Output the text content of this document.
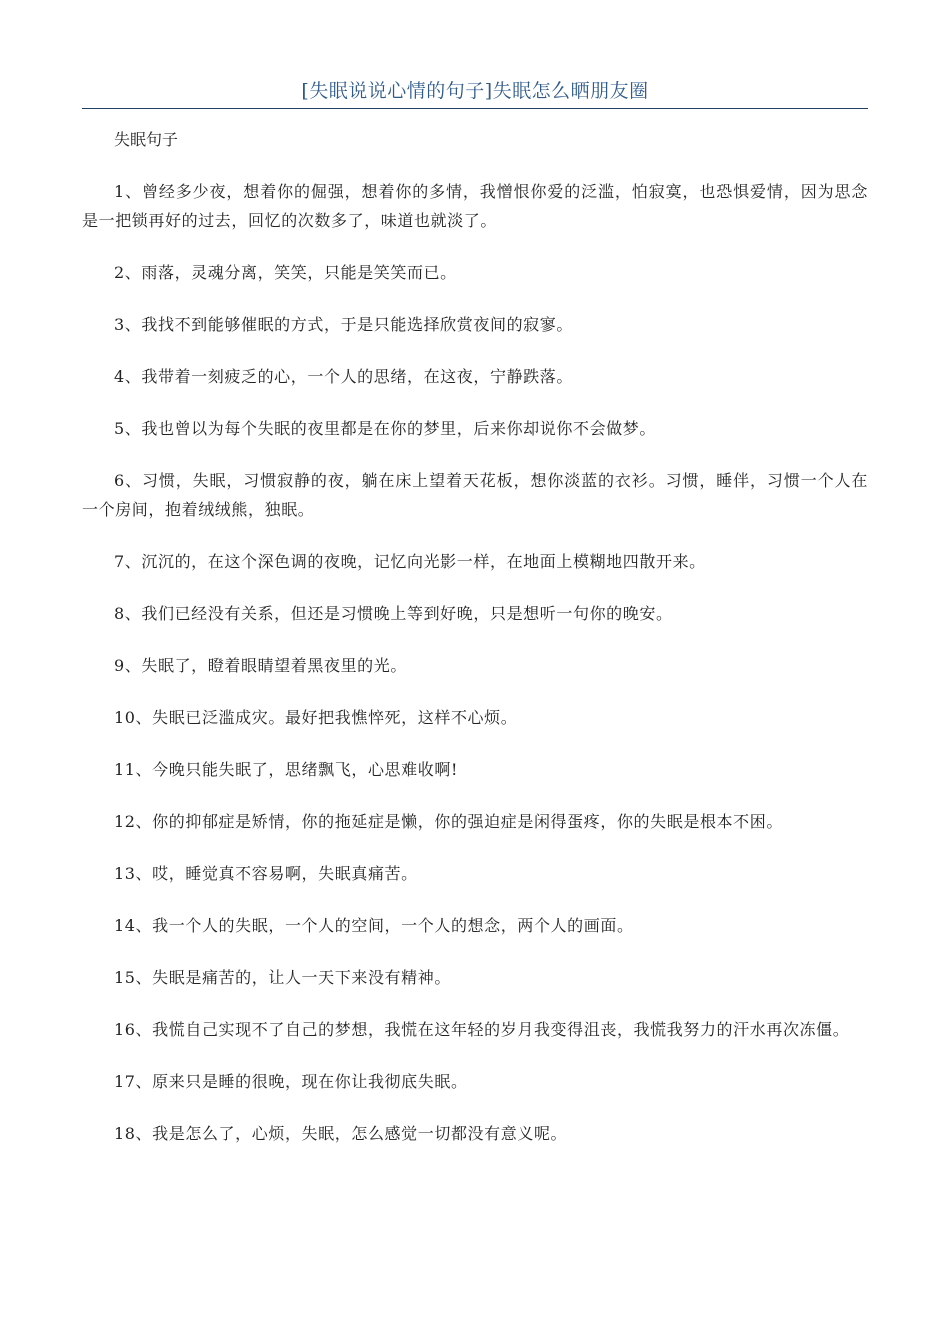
[失眠说说心情的句子]失眠怎么晒朋友圈

失眠句子

1、曾经多少夜，想着你的倔强，想着你的多情，我憎恨你爱的泛滥，怕寂寞，也恐惧爱情，因为思念是一把锁再好的过去，回忆的次数多了，味道也就淡了。

2、雨落，灵魂分离，笑笑，只能是笑笑而已。

3、我找不到能够催眠的方式，于是只能选择欣赏夜间的寂寥。

4、我带着一刻疲乏的心，一个人的思绪，在这夜，宁静跌落。

5、我也曾以为每个失眠的夜里都是在你的梦里，后来你却说你不会做梦。

6、习惯，失眠，习惯寂静的夜，躺在床上望着天花板，想你淡蓝的衣衫。习惯，睡伴，习惯一个人在一个房间，抱着绒绒熊，独眠。

7、沉沉的，在这个深色调的夜晚，记忆向光影一样，在地面上模糊地四散开来。

8、我们已经没有关系，但还是习惯晚上等到好晚，只是想听一句你的晚安。

9、失眠了，瞪着眼睛望着黑夜里的光。

10、失眠已泛滥成灾。最好把我憔悴死，这样不心烦。

11、今晚只能失眠了，思绪飘飞，心思难收啊!

12、你的抑郁症是矫情，你的拖延症是懒，你的强迫症是闲得蛋疼，你的失眠是根本不困。

13、哎，睡觉真不容易啊，失眠真痛苦。

14、我一个人的失眠，一个人的空间，一个人的想念，两个人的画面。

15、失眠是痛苦的，让人一天下来没有精神。

16、我慌自己实现不了自己的梦想，我慌在这年轻的岁月我变得沮丧，我慌我努力的汗水再次冻僵。

17、原来只是睡的很晚，现在你让我彻底失眠。

18、我是怎么了，心烦，失眠，怎么感觉一切都没有意义呢。
